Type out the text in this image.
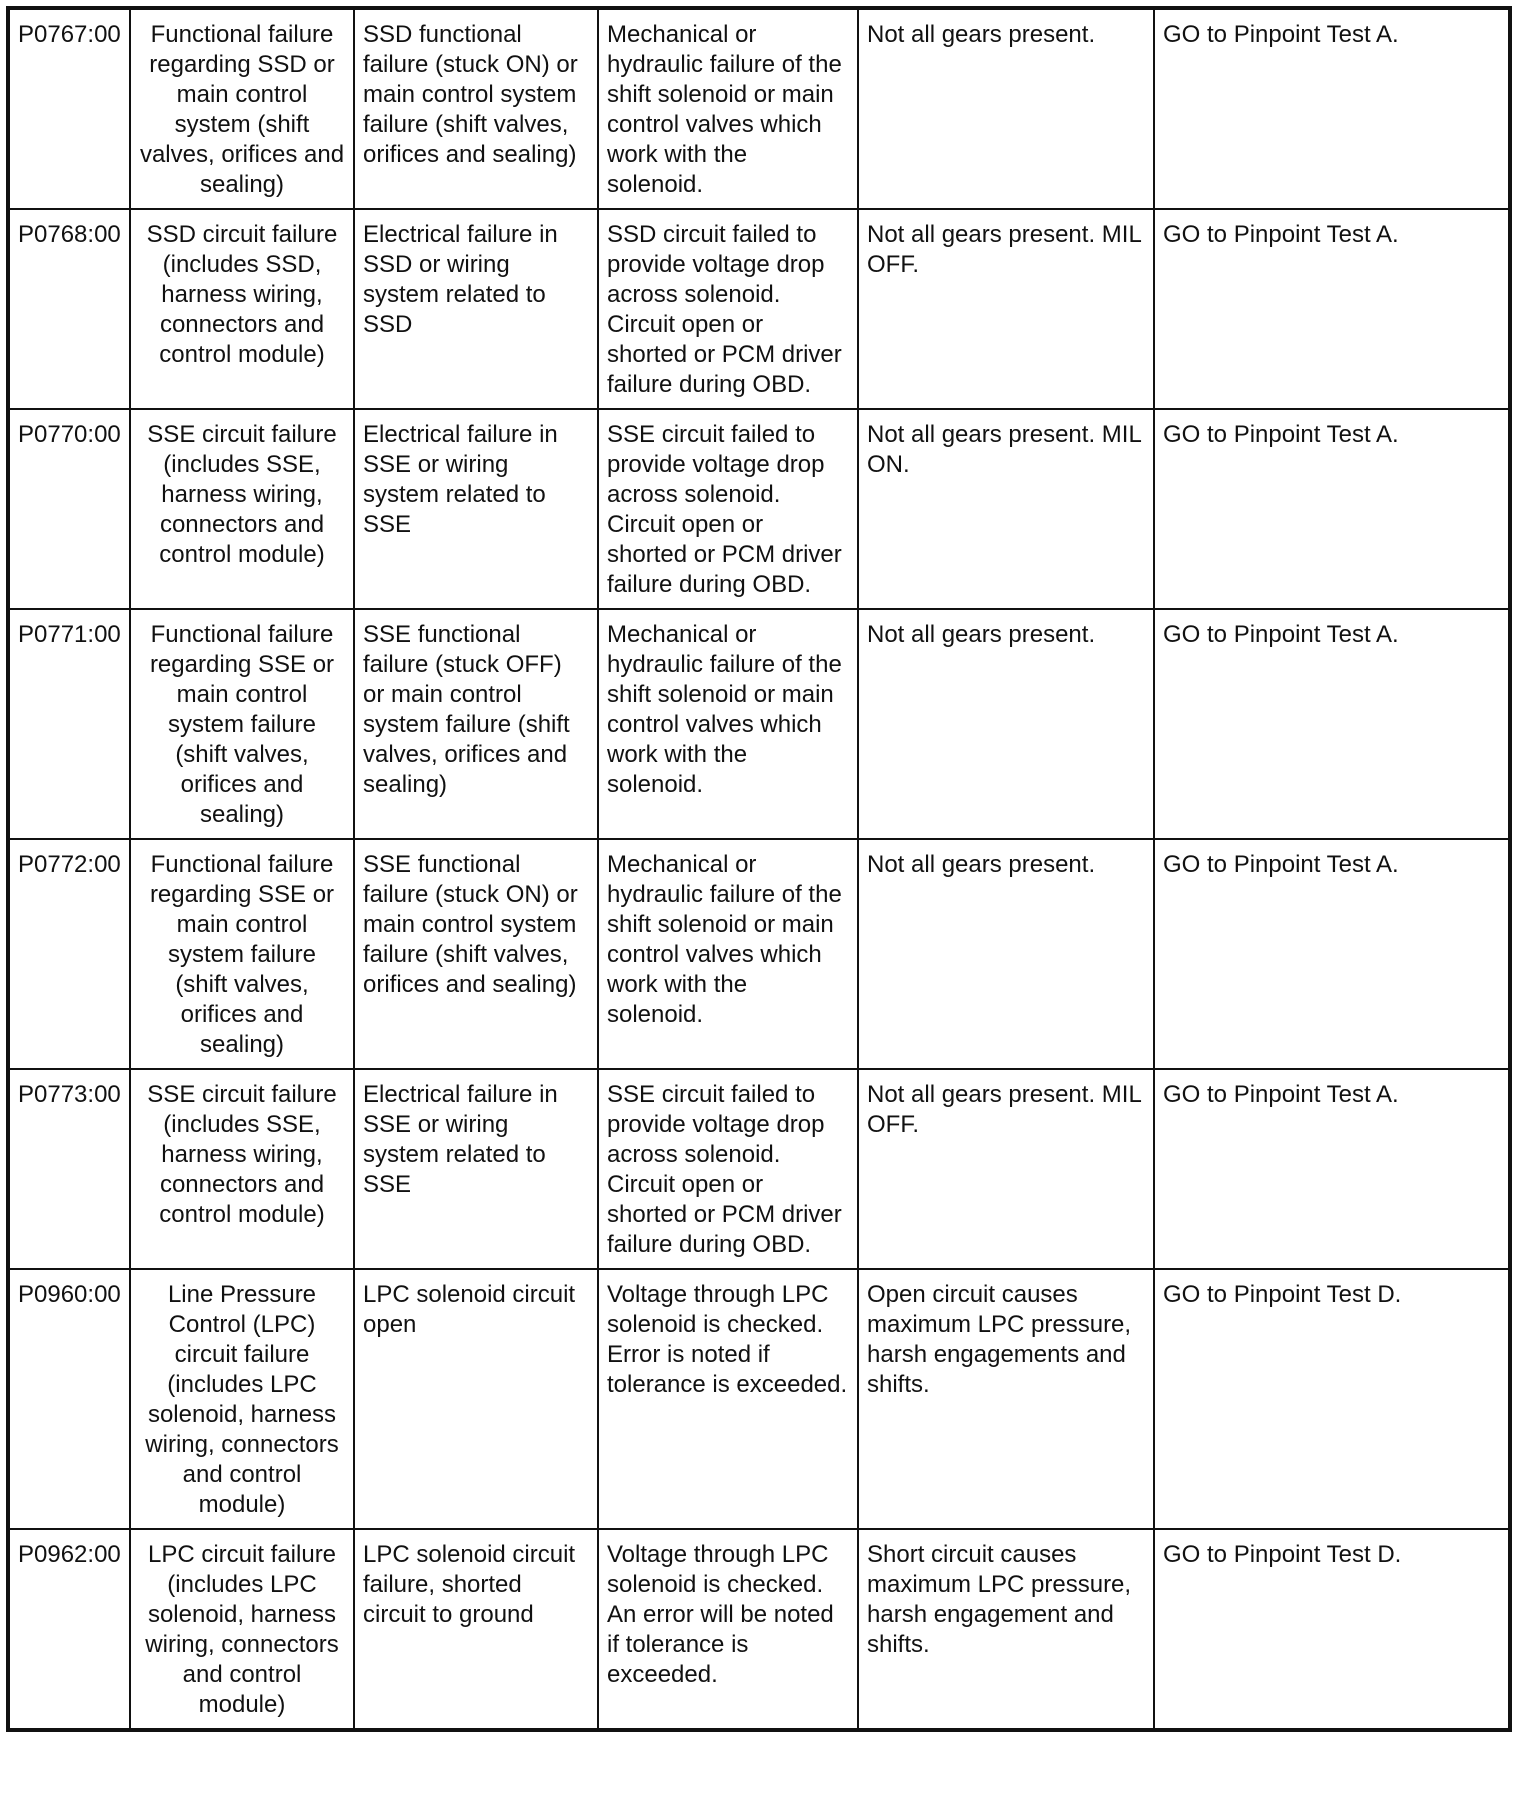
P0767:00	Functional failure regarding SSD or main control system (shift valves, orifices and sealing)	SSD functional failure (stuck ON) or main control system failure (shift valves, orifices and sealing)	Mechanical or hydraulic failure of the shift solenoid or main control valves which work with the solenoid.	Not all gears present.	GO to Pinpoint Test A.
P0768:00	SSD circuit failure (includes SSD, harness wiring, connectors and control module)	Electrical failure in SSD or wiring system related to SSD	SSD circuit failed to provide voltage drop across solenoid. Circuit open or shorted or PCM driver failure during OBD.	Not all gears present. MIL OFF.	GO to Pinpoint Test A.
P0770:00	SSE circuit failure (includes SSE, harness wiring, connectors and control module)	Electrical failure in SSE or wiring system related to SSE	SSE circuit failed to provide voltage drop across solenoid. Circuit open or shorted or PCM driver failure during OBD.	Not all gears present. MIL ON.	GO to Pinpoint Test A.
P0771:00	Functional failure regarding SSE or main control system failure (shift valves, orifices and sealing)	SSE functional failure (stuck OFF) or main control system failure (shift valves, orifices and sealing)	Mechanical or hydraulic failure of the shift solenoid or main control valves which work with the solenoid.	Not all gears present.	GO to Pinpoint Test A.
P0772:00	Functional failure regarding SSE or main control system failure (shift valves, orifices and sealing)	SSE functional failure (stuck ON) or main control system failure (shift valves, orifices and sealing)	Mechanical or hydraulic failure of the shift solenoid or main control valves which work with the solenoid.	Not all gears present.	GO to Pinpoint Test A.
P0773:00	SSE circuit failure (includes SSE, harness wiring, connectors and control module)	Electrical failure in SSE or wiring system related to SSE	SSE circuit failed to provide voltage drop across solenoid. Circuit open or shorted or PCM driver failure during OBD.	Not all gears present. MIL OFF.	GO to Pinpoint Test A.
P0960:00	Line Pressure Control (LPC) circuit failure (includes LPC solenoid, harness wiring, connectors and control module)	LPC solenoid circuit open	Voltage through LPC solenoid is checked. Error is noted if tolerance is exceeded.	Open circuit causes maximum LPC pressure, harsh engagements and shifts.	GO to Pinpoint Test D.
P0962:00	LPC circuit failure (includes LPC solenoid, harness wiring, connectors and control module)	LPC solenoid circuit failure, shorted circuit to ground	Voltage through LPC solenoid is checked. An error will be noted if tolerance is exceeded.	Short circuit causes maximum LPC pressure, harsh engagement and shifts.	GO to Pinpoint Test D.
